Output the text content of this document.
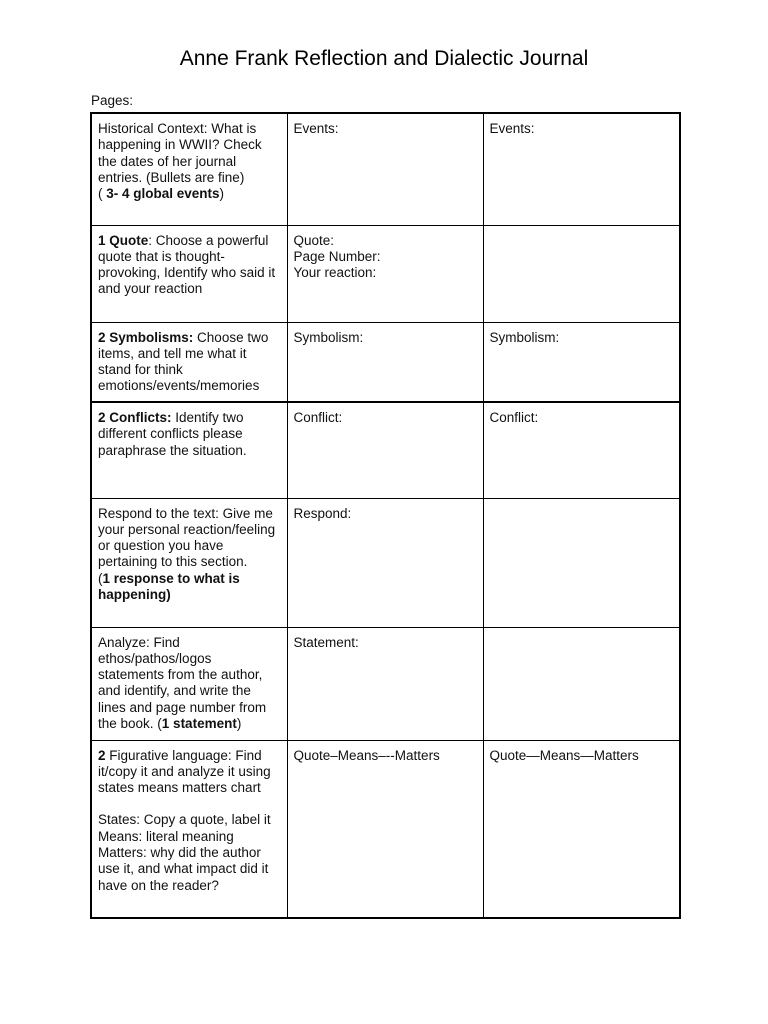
Anne Frank Reflection and Dialectic Journal
Pages:
Historical Context: What is happening in WWII? Check the dates of her journal entries. (Bullets are fine)
( 3- 4 global events)	Events:	Events:
1 Quote: Choose a powerful quote that is thought-provoking, Identify who said it and your reaction	Quote:
Page Number:
Your reaction:	

2 Symbolisms: Choose two items, and tell me what it stand for think emotions/events/memories	Symbolism:	Symbolism:
2 Conflicts: Identify two different conflicts please paraphrase the situation.	Conflict:	Conflict:
Respond to the text: Give me your personal reaction/feeling or question you have pertaining to this section.
(1 response to what is happening)	Respond:	
Analyze: Find ethos/pathos/logos statements from the author, and identify, and write the lines and page number from the book. (1 statement)	Statement:	
2 Figurative language: Find it/copy it and analyze it using states means matters chart
States: Copy a quote, label it
Means: literal meaning
Matters: why did the author use it, and what impact did it have on the reader?	Quote–Means–--Matters	Quote—Means—Matters
